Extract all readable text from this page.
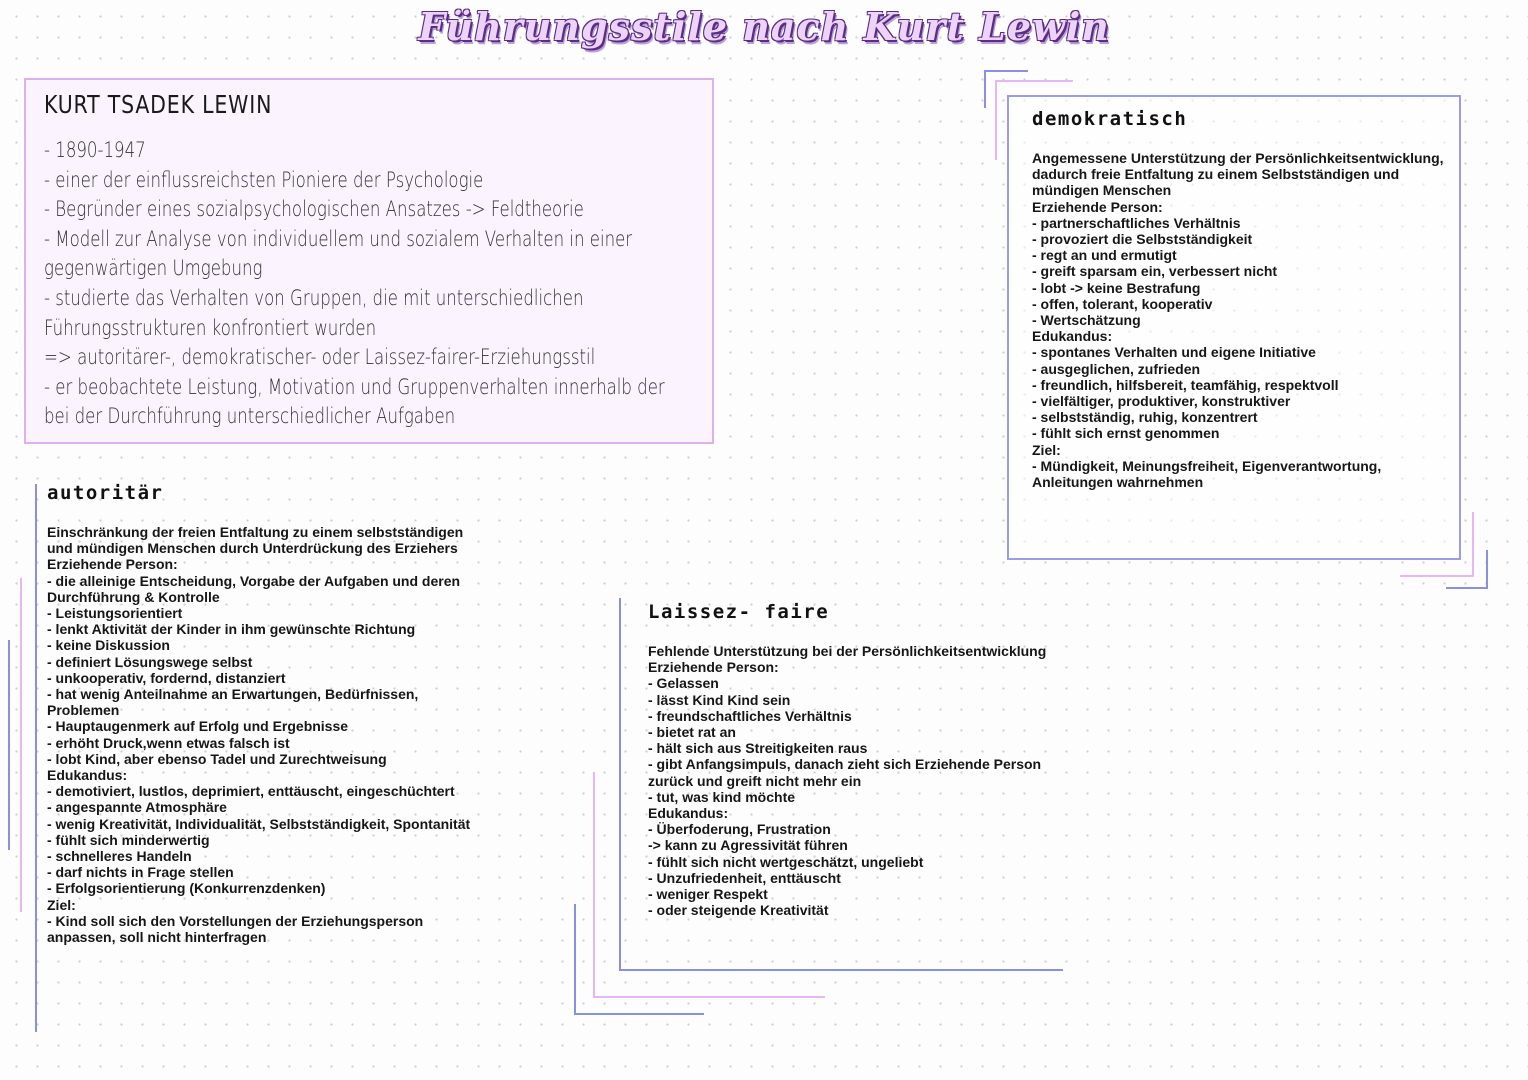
Führungsstile nach Kurt Lewin
KURT TSADEK LEWIN
- 1890-1947
- einer der einflussreichsten Pioniere der Psychologie
- Begründer eines sozialpsychologischen Ansatzes -> Feldtheorie
- Modell zur Analyse von individuellem und sozialem Verhalten in einer gegenwärtigen Umgebung
- studierte das Verhalten von Gruppen, die mit unterschiedlichen Führungsstrukturen konfrontiert wurden
=> autoritärer-, demokratischer- oder Laissez-fairer-Erziehungsstil
- er beobachtete Leistung, Motivation und Gruppenverhalten innerhalb der bei der Durchführung unterschiedlicher Aufgaben
autoritär

Einschränkung der freien Entfaltung zu einem selbstständigen und mündigen Menschen durch Unterdrückung des Erziehers

Erziehende Person:

- die alleinige Entscheidung, Vorgabe der Aufgaben und deren Durchführung & Kontrolle

- Leistungsorientiert

- lenkt Aktivität der Kinder in ihm gewünschte Richtung

- keine Diskussion

- definiert Lösungswege selbst

- unkooperativ, fordernd, distanziert

- hat wenig Anteilnahme an Erwartungen, Bedürfnissen, Problemen

- Hauptaugenmerk auf Erfolg und Ergebnisse

- erhöht Druck,wenn etwas falsch ist

- lobt Kind, aber ebenso Tadel und Zurechtweisung

Edukandus:

- demotiviert, lustlos, deprimiert, enttäuscht, eingeschüchtert

- angespannte Atmosphäre

- wenig Kreativität, Individualität, Selbstständigkeit, Spontanität

- fühlt sich minderwertig

- schnelleres Handeln

- darf nichts in Frage stellen

- Erfolgsorientierung (Konkurrenzdenken)

Ziel:

- Kind soll sich den Vorstellungen der Erziehungsperson anpassen, soll nicht hinterfragen

demokratisch

Angemessene Unterstützung der Persönlichkeitsentwicklung, dadurch freie Entfaltung zu einem Selbstständigen und mündigen Menschen

Erziehende Person:

- partnerschaftliches Verhältnis

- provoziert die Selbstständigkeit

- regt an und ermutigt

- greift sparsam ein, verbessert nicht

- lobt -> keine Bestrafung

- offen, tolerant, kooperativ

- Wertschätzung

Edukandus:

- spontanes Verhalten und eigene Initiative

- ausgeglichen, zufrieden

- freundlich, hilfsbereit, teamfähig, respektvoll

- vielfältiger, produktiver, konstruktiver

- selbstständig, ruhig, konzentrert

- fühlt sich ernst genommen

Ziel:

- Mündigkeit, Meinungsfreiheit, Eigenverantwortung, Anleitungen wahrnehmen

Laissez- faire

Fehlende Unterstützung bei der Persönlichkeitsentwicklung

Erziehende Person:

- Gelassen

- lässt Kind Kind sein

- freundschaftliches Verhältnis

- bietet rat an

- hält sich aus Streitigkeiten raus

- gibt Anfangsimpuls, danach zieht sich Erziehende Person zurück und greift nicht mehr ein

- tut, was kind möchte

Edukandus:

- Überfoderung, Frustration

-> kann zu Agressivität führen

- fühlt sich nicht wertgeschätzt, ungeliebt

- Unzufriedenheit, enttäuscht

- weniger Respekt

- oder steigende Kreativität
